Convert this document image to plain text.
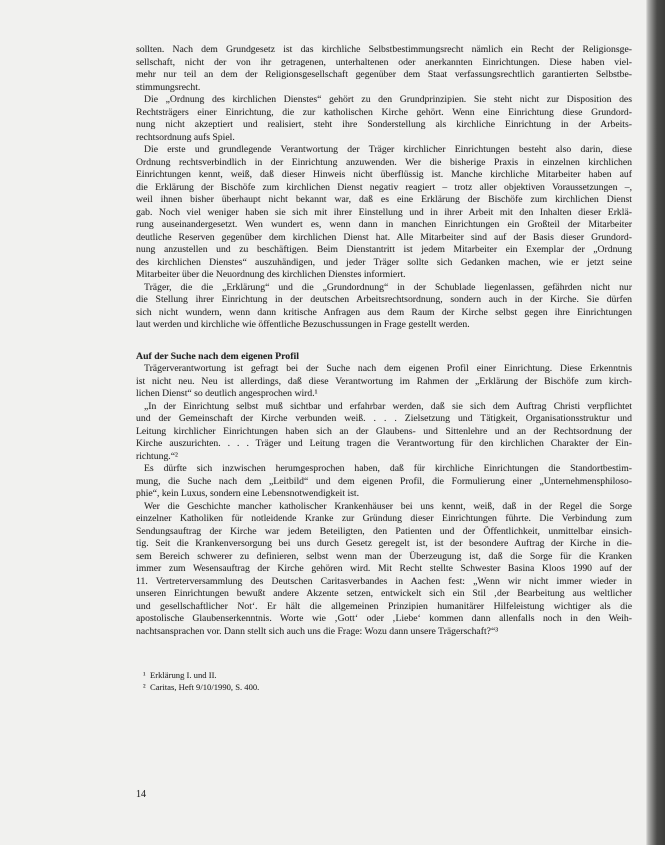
sollten. Nach dem Grundgesetz ist das kirchliche Selbstbestimmungsrecht nämlich ein Recht der Religionsge-
sellschaft, nicht der von ihr getragenen, unterhaltenen oder anerkannten Einrichtungen. Diese haben viel-
mehr nur teil an dem der Religionsgesellschaft gegenüber dem Staat verfassungsrechtlich garantierten Selbstbe-
stimmungsrecht.
Die „Ordnung des kirchlichen Dienstes“ gehört zu den Grundprinzipien. Sie steht nicht zur Disposition des
Rechtsträgers einer Einrichtung, die zur katholischen Kirche gehört. Wenn eine Einrichtung diese Grundord-
nung nicht akzeptiert und realisiert, steht ihre Sonderstellung als kirchliche Einrichtung in der Arbeits-
rechtsordnung aufs Spiel.
Die erste und grundlegende Verantwortung der Träger kirchlicher Einrichtungen besteht also darin, diese
Ordnung rechtsverbindlich in der Einrichtung anzuwenden. Wer die bisherige Praxis in einzelnen kirchlichen
Einrichtungen kennt, weiß, daß dieser Hinweis nicht überflüssig ist. Manche kirchliche Mitarbeiter haben auf
die Erklärung der Bischöfe zum kirchlichen Dienst negativ reagiert – trotz aller objektiven Voraussetzungen –,
weil ihnen bisher überhaupt nicht bekannt war, daß es eine Erklärung der Bischöfe zum kirchlichen Dienst
gab. Noch viel weniger haben sie sich mit ihrer Einstellung und in ihrer Arbeit mit den Inhalten dieser Erklä-
rung auseinandergesetzt. Wen wundert es, wenn dann in manchen Einrichtungen ein Großteil der Mitarbeiter
deutliche Reserven gegenüber dem kirchlichen Dienst hat. Alle Mitarbeiter sind auf der Basis dieser Grundord-
nung anzustellen und zu beschäftigen. Beim Dienstantritt ist jedem Mitarbeiter ein Exemplar der „Ordnung
des kirchlichen Dienstes“ auszuhändigen, und jeder Träger sollte sich Gedanken machen, wie er jetzt seine
Mitarbeiter über die Neuordnung des kirchlichen Dienstes informiert.
Träger, die die „Erklärung“ und die „Grundordnung“ in der Schublade liegenlassen, gefährden nicht nur
die Stellung ihrer Einrichtung in der deutschen Arbeitsrechtsordnung, sondern auch in der Kirche. Sie dürfen
sich nicht wundern, wenn dann kritische Anfragen aus dem Raum der Kirche selbst gegen ihre Einrichtungen
laut werden und kirchliche wie öffentliche Bezuschussungen in Frage gestellt werden.
Auf der Suche nach dem eigenen Profil
Trägerverantwortung ist gefragt bei der Suche nach dem eigenen Profil einer Einrichtung. Diese Erkenntnis
ist nicht neu. Neu ist allerdings, daß diese Verantwortung im Rahmen der „Erklärung der Bischöfe zum kirch-
lichen Dienst“ so deutlich angesprochen wird.¹
„In der Einrichtung selbst muß sichtbar und erfahrbar werden, daß sie sich dem Auftrag Christi verpflichtet
und der Gemeinschaft der Kirche verbunden weiß. . . . Zielsetzung und Tätigkeit, Organisationsstruktur und
Leitung kirchlicher Einrichtungen haben sich an der Glaubens- und Sittenlehre und an der Rechtsordnung der
Kirche auszurichten. . . . Träger und Leitung tragen die Verantwortung für den kirchlichen Charakter der Ein-
richtung.“²
Es dürfte sich inzwischen herumgesprochen haben, daß für kirchliche Einrichtungen die Standortbestim-
mung, die Suche nach dem „Leitbild“ und dem eigenen Profil, die Formulierung einer „Unternehmensphiloso-
phie“, kein Luxus, sondern eine Lebensnotwendigkeit ist.
Wer die Geschichte mancher katholischer Krankenhäuser bei uns kennt, weiß, daß in der Regel die Sorge
einzelner Katholiken für notleidende Kranke zur Gründung dieser Einrichtungen führte. Die Verbindung zum
Sendungsauftrag der Kirche war jedem Beteiligten, den Patienten und der Öffentlichkeit, unmittelbar einsich-
tig. Seit die Krankenversorgung bei uns durch Gesetz geregelt ist, ist der besondere Auftrag der Kirche in die-
sem Bereich schwerer zu definieren, selbst wenn man der Überzeugung ist, daß die Sorge für die Kranken
immer zum Wesensauftrag der Kirche gehören wird. Mit Recht stellte Schwester Basina Kloos 1990 auf der
11. Vertreterversammlung des Deutschen Caritasverbandes in Aachen fest: „Wenn wir nicht immer wieder in
unseren Einrichtungen bewußt andere Akzente setzen, entwickelt sich ein Stil ‚der Bearbeitung aus weltlicher
und gesellschaftlicher Not‘. Er hält die allgemeinen Prinzipien humanitärer Hilfeleistung wichtiger als die
apostolische Glaubenserkenntnis. Worte wie ‚Gott‘ oder ‚Liebe‘ kommen dann allenfalls noch in den Weih-
nachtsansprachen vor. Dann stellt sich auch uns die Frage: Wozu dann unsere Trägerschaft?“³
¹ Erklärung I. und II.
² Caritas, Heft 9/10/1990, S. 400.
14
